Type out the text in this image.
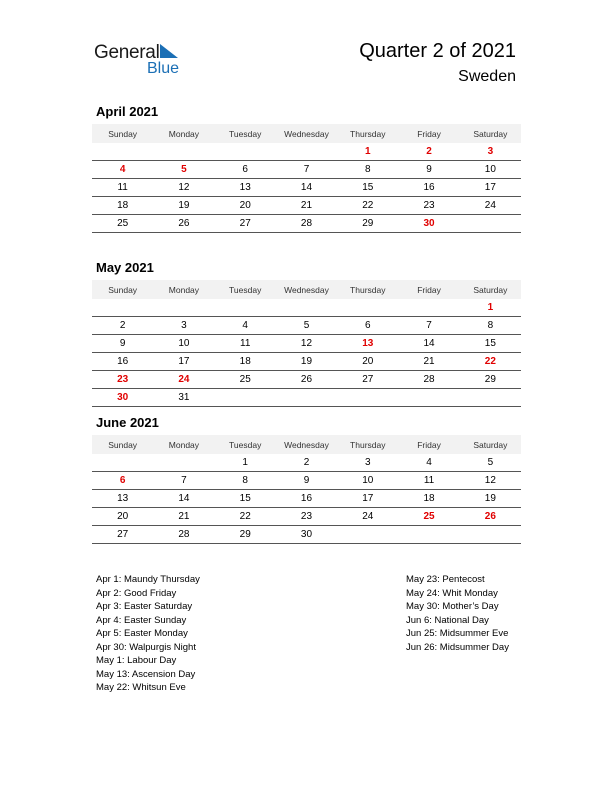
General
Blue
Quarter 2 of 2021
Sweden
April 2021
Sunday	Monday	Tuesday	Wednesday	Thursday	Friday	Saturday
				1	2	3
4	5	6	7	8	9	10
11	12	13	14	15	16	17
18	19	20	21	22	23	24
25	26	27	28	29	30	
May 2021
Sunday	Monday	Tuesday	Wednesday	Thursday	Friday	Saturday
						1
2	3	4	5	6	7	8
9	10	11	12	13	14	15
16	17	18	19	20	21	22
23	24	25	26	27	28	29
30	31					
June 2021
Sunday	Monday	Tuesday	Wednesday	Thursday	Friday	Saturday
		1	2	3	4	5
6	7	8	9	10	11	12
13	14	15	16	17	18	19
20	21	22	23	24	25	26
27	28	29	30			
Apr 1: Maundy Thursday
Apr 2: Good Friday
Apr 3: Easter Saturday
Apr 4: Easter Sunday
Apr 5: Easter Monday
Apr 30: Walpurgis Night
May 1: Labour Day
May 13: Ascension Day
May 22: Whitsun Eve
May 23: Pentecost
May 24: Whit Monday
May 30: Mother’s Day
Jun 6: National Day
Jun 25: Midsummer Eve
Jun 26: Midsummer Day
